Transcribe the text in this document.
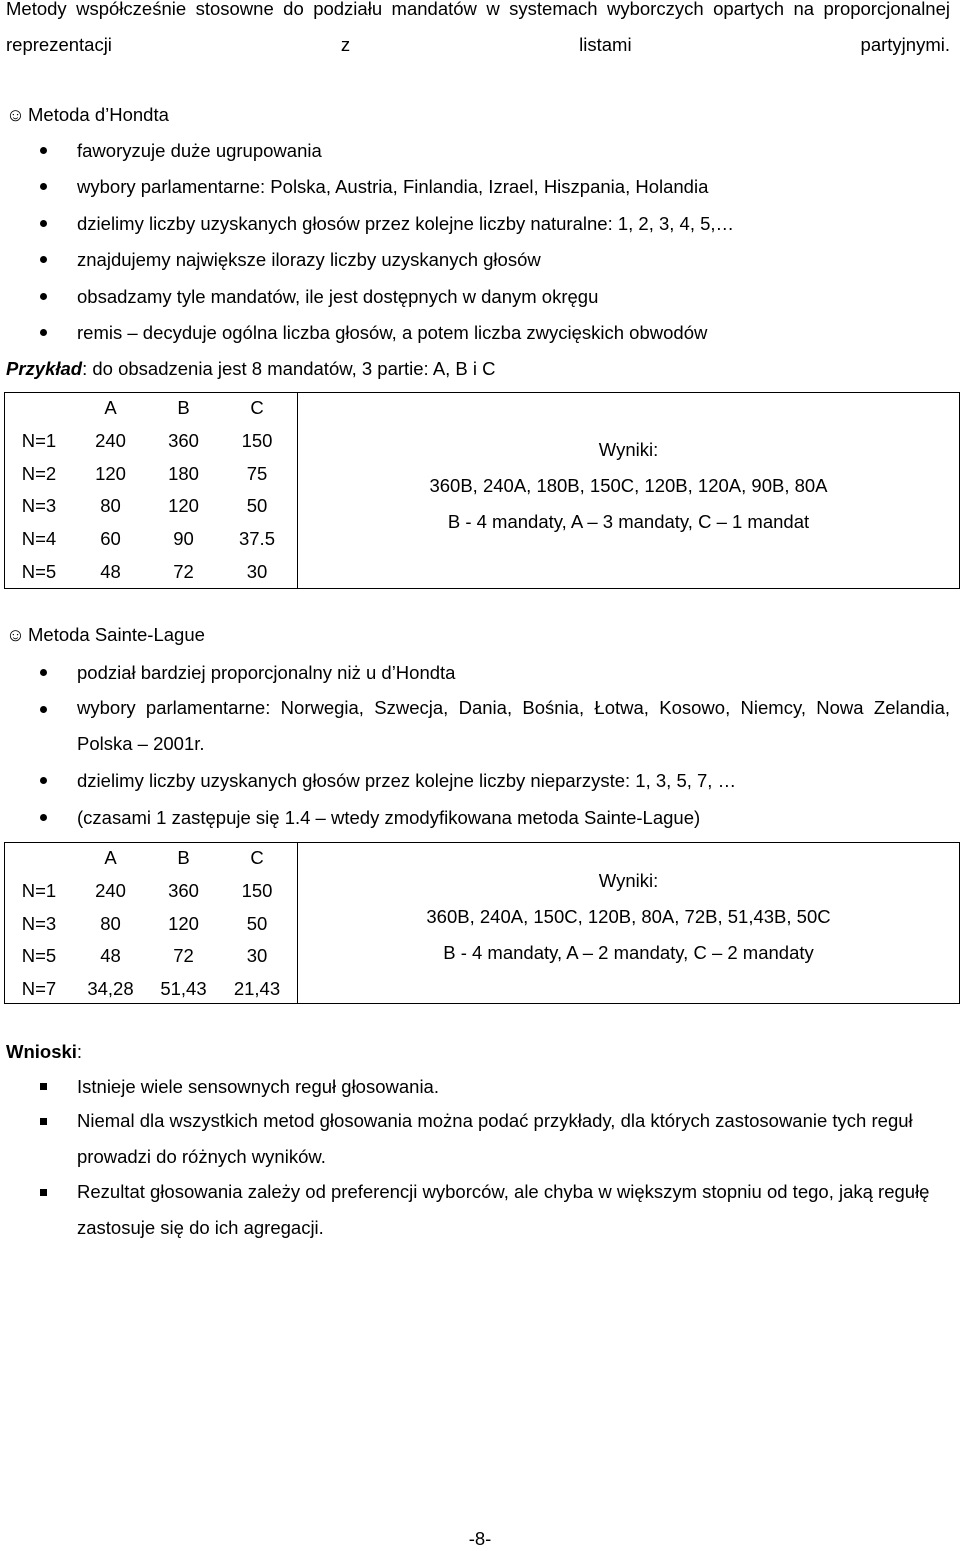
Metody współcześnie stosowne do podziału mandatów w systemach wyborczych opartych na proporcjonalnej reprezentacji z listami partyjnymi.
☺ Metoda d’Hondta
faworyzuje duże ugrupowania
wybory parlamentarne: Polska, Austria, Finlandia, Izrael, Hiszpania, Holandia
dzielimy liczby uzyskanych głosów przez kolejne liczby naturalne: 1, 2, 3, 4, 5,…
znajdujemy największe ilorazy liczby uzyskanych głosów
obsadzamy tyle mandatów, ile jest dostępnych w danym okręgu
remis – decyduje ogólna liczba głosów, a potem liczba zwycięskich obwodów
Przykład: do obsadzenia jest 8 mandatów, 3 partie: A, B i C
	A	B	C
N=1	240	360	150
N=2	120	180	75
N=3	80	120	50
N=4	60	90	37.5
N=5	48	72	30
Wyniki:
360B, 240A, 180B, 150C, 120B, 120A, 90B, 80A
B - 4 mandaty, A – 3 mandaty, C – 1 mandat
☺ Metoda Sainte-Lague
podział bardziej proporcjonalny niż u d’Hondta
wybory parlamentarne: Norwegia, Szwecja, Dania, Bośnia, Łotwa, Kosowo, Niemcy, Nowa Zelandia, Polska – 2001r.
dzielimy liczby uzyskanych głosów przez kolejne liczby nieparzyste: 1, 3, 5, 7, …
(czasami 1 zastępuje się 1.4 – wtedy zmodyfikowana metoda Sainte-Lague)
	A	B	C
N=1	240	360	150
N=3	80	120	50
N=5	48	72	30
N=7	34,28	51,43	21,43
Wyniki:
360B, 240A, 150C, 120B, 80A, 72B, 51,43B, 50C
B - 4 mandaty, A – 2 mandaty, C – 2 mandaty
Wnioski:
Istnieje wiele sensownych reguł głosowania.
Niemal dla wszystkich metod głosowania można podać przykłady, dla których zastosowanie tych reguł prowadzi do różnych wyników.
Rezultat głosowania zależy od preferencji wyborców, ale chyba w większym stopniu od tego, jaką regułę zastosuje się do ich agregacji.
-8-
